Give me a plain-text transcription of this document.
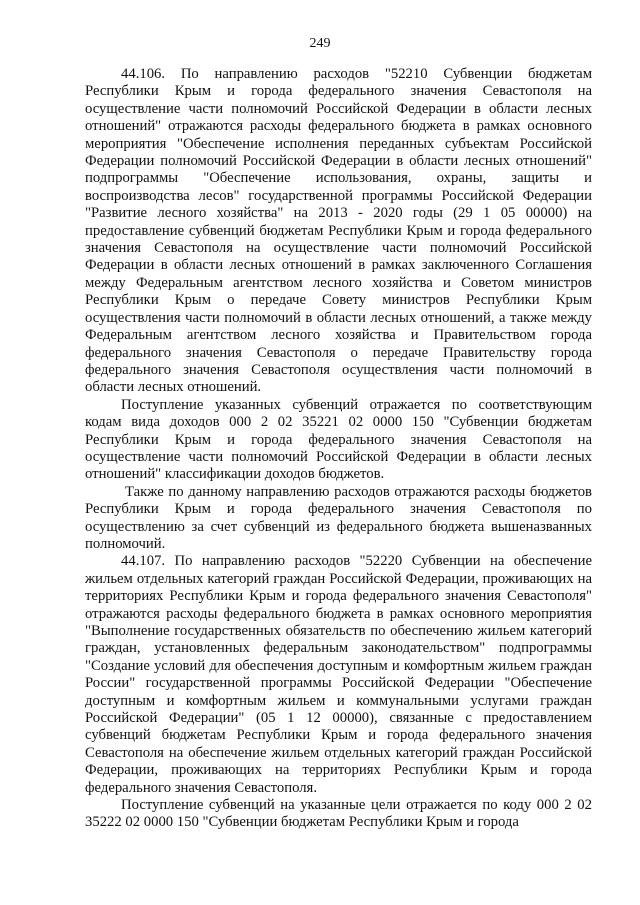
249

44.106. По направлению расходов "52210 Субвенции бюджетам Республики Крым и города федерального значения Севастополя на осуществление части полномочий Российской Федерации в области лесных отношений" отражаются расходы федерального бюджета в рамках основного мероприятия "Обеспечение исполнения переданных субъектам Российской Федерации полномочий Российской Федерации в области лесных отношений" подпрограммы "Обеспечение использования, охраны, защиты и воспроизводства лесов" государственной программы Российской Федерации "Развитие лесного хозяйства" на 2013 - 2020 годы (29 1 05 00000) на предоставление субвенций бюджетам Республики Крым и города федерального значения Севастополя на осуществление части полномочий Российской Федерации в области лесных отношений в рамках заключенного Соглашения между Федеральным агентством лесного хозяйства и Советом министров Республики Крым о передаче Совету министров Республики Крым осуществления части полномочий в области лесных отношений, а также между Федеральным агентством лесного хозяйства и Правительством города федерального значения Севастополя о передаче Правительству города федерального значения Севастополя осуществления части полномочий в области лесных отношений.

Поступление указанных субвенций отражается по соответствующим кодам вида доходов 000 2 02 35221 02 0000 150 "Субвенции бюджетам Республики Крым и города федерального значения Севастополя на осуществление части полномочий Российской Федерации в области лесных отношений" классификации доходов бюджетов.

Также по данному направлению расходов отражаются расходы бюджетов Республики Крым и города федерального значения Севастополя по осуществлению за счет субвенций из федерального бюджета вышеназванных полномочий.

44.107. По направлению расходов "52220 Субвенции на обеспечение жильем отдельных категорий граждан Российской Федерации, проживающих на территориях Республики Крым и города федерального значения Севастополя" отражаются расходы федерального бюджета в рамках основного мероприятия "Выполнение государственных обязательств по обеспечению жильем категорий граждан, установленных федеральным законодательством" подпрограммы "Создание условий для обеспечения доступным и комфортным жильем граждан России" государственной программы Российской Федерации "Обеспечение доступным и комфортным жильем и коммунальными услугами граждан Российской Федерации" (05 1 12 00000), связанные с предоставлением субвенций бюджетам Республики Крым и города федерального значения Севастополя на обеспечение жильем отдельных категорий граждан Российской Федерации, проживающих на территориях Республики Крым и города федерального значения Севастополя.

Поступление субвенций на указанные цели отражается по коду 000 2 02 35222 02 0000 150 "Субвенции бюджетам Республики Крым и города
